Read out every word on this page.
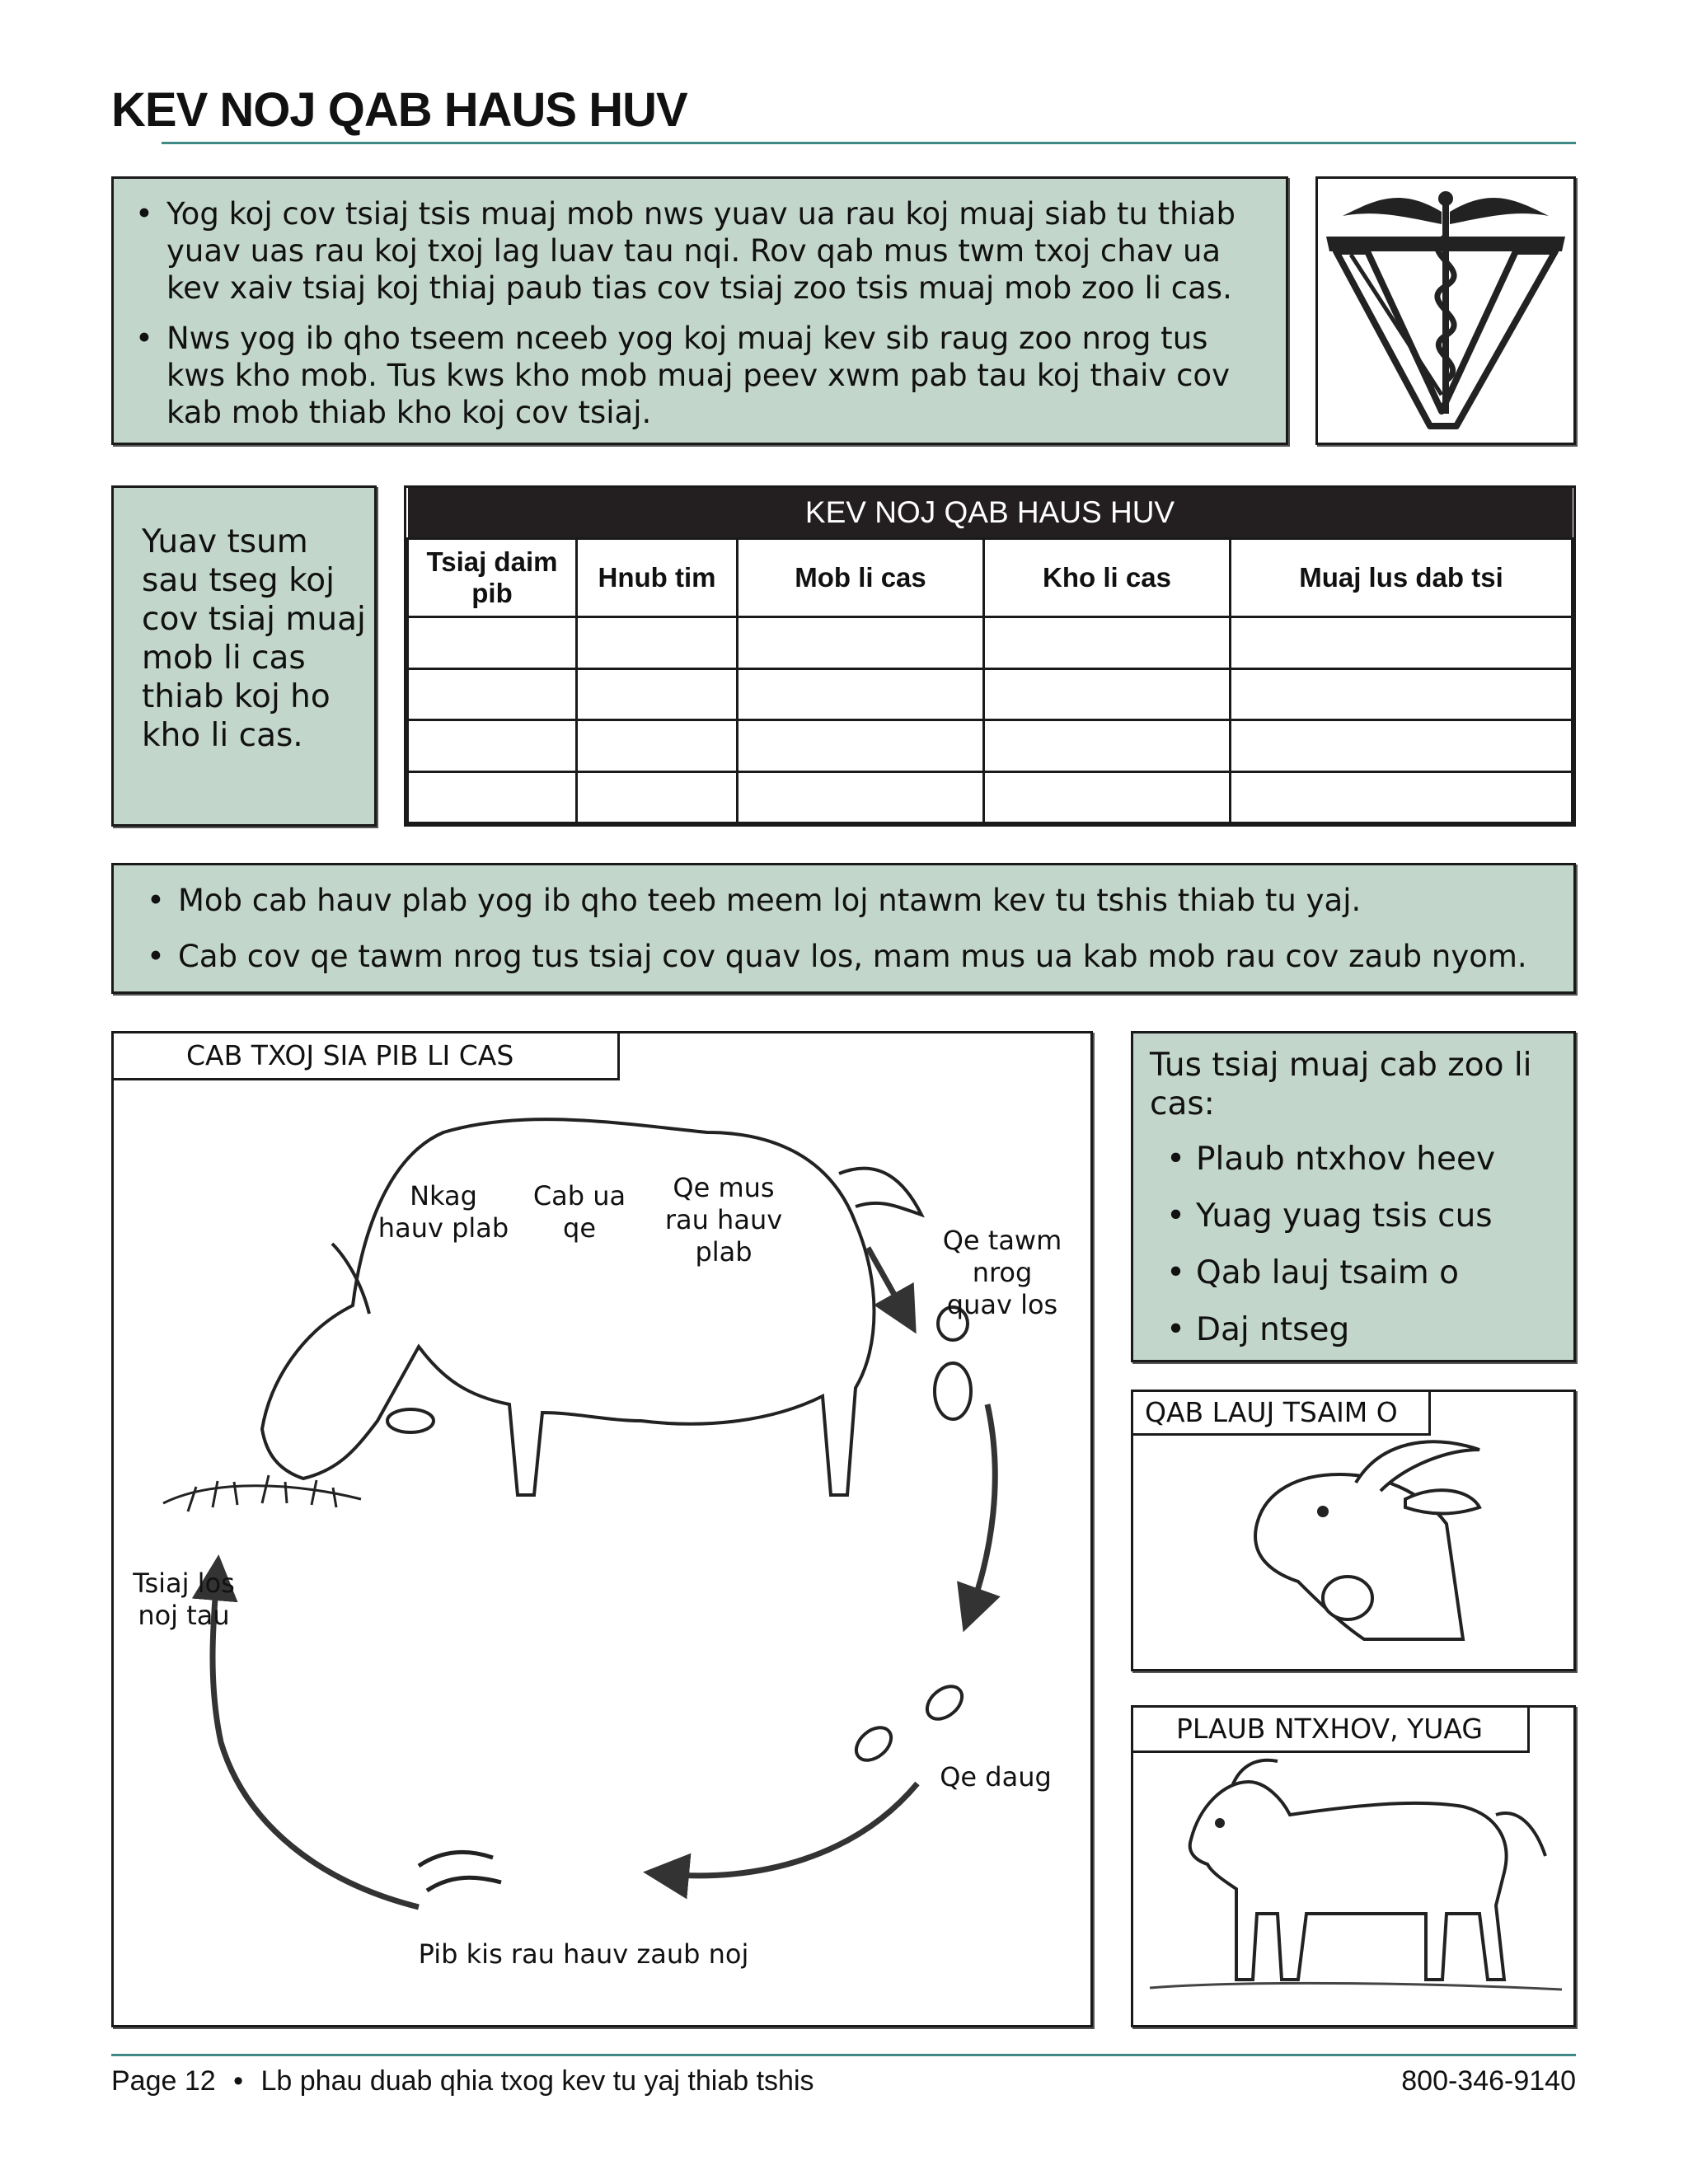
KEV NOJ QAB HAUS HUV
• Yog koj cov tsiaj tsis muaj mob nws yuav ua rau koj muaj siab tu thiab yuav uas rau koj txoj lag luav tau nqi. Rov qab mus twm txoj chav ua kev xaiv tsiaj koj thiaj paub tias cov tsiaj zoo tsis muaj mob zoo li cas.
• Nws yog ib qho tseem nceeb yog koj muaj kev sib raug zoo nrog tus kws kho mob. Tus kws kho mob muaj peev xwm pab tau koj thaiv cov kab mob thiab kho koj cov tsiaj.
Yuav tsum sau tseg koj cov tsiaj muaj mob li cas thiab koj ho kho li cas.
KEV NOJ QAB HAUS HUV				
Tsiaj daim pib	Hnub tim	Mob li cas	Kho li cas	Muaj lus dab tsi

• Mob cab hauv plab yog ib qho teeb meem loj ntawm kev tu tshis thiab tu yaj.
• Cab cov qe tawm nrog tus tsiaj cov quav los, mam mus ua kab mob rau cov zaub nyom.
Nkag hauv plab
Cab ua qe
Qe mus rau hauv plab	Qe tawm nrog quav los
Qe daug
Pib kis rau hauv zaub noj
Tsiaj los noj tau
CAB TXOJ SIA PIB LI CAS	Tus tsiaj muaj cab zoo li cas:
• Plaub ntxhov heev
• Yuag yuag tsis cus
• Qab lauj tsaim o
• Daj ntseg
QAB LAUJ TSAIM O
PLAUB NTXHOV, YUAG
Page 12 • Lb phau duab qhia txog kev tu yaj thiab tshis	800-346-9140
